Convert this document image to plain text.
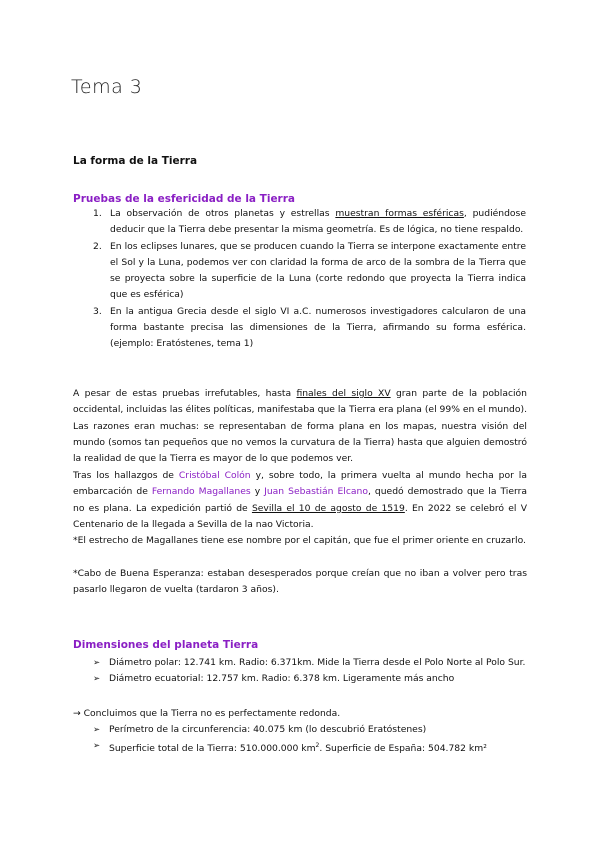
Tema 3
La forma de la Tierra
Pruebas de la esfericidad de la Tierra
1. La observación de otros planetas y estrellas muestran formas esféricas, pudiéndose deducir que la Tierra debe presentar la misma geometría. Es de lógica, no tiene respaldo.
2. En los eclipses lunares, que se producen cuando la Tierra se interpone exactamente entre el Sol y la Luna, podemos ver con claridad la forma de arco de la sombra de la Tierra que se proyecta sobre la superficie de la Luna (corte redondo que proyecta la Tierra indica que es esférica)
3. En la antigua Grecia desde el siglo VI a.C. numerosos investigadores calcularon de una forma bastante precisa las dimensiones de la Tierra, afirmando su forma esférica. (ejemplo: Eratóstenes, tema 1)

A pesar de estas pruebas irrefutables, hasta finales del siglo XV gran parte de la población occidental, incluidas las élites políticas, manifestaba que la Tierra era plana (el 99% en el mundo). Las razones eran muchas: se representaban de forma plana en los mapas, nuestra visión del mundo (somos tan pequeños que no vemos la curvatura de la Tierra) hasta que alguien demostró la realidad de que la Tierra es mayor de lo que podemos ver.

Tras los hallazgos de Cristóbal Colón y, sobre todo, la primera vuelta al mundo hecha por la embarcación de Fernando Magallanes y Juan Sebastián Elcano, quedó demostrado que la Tierra no es plana. La expedición partió de Sevilla el 10 de agosto de 1519. En 2022 se celebró el V Centenario de la llegada a Sevilla de la nao Victoria.

*El estrecho de Magallanes tiene ese nombre por el capitán, que fue el primer oriente en cruzarlo.

*Cabo de Buena Esperanza: estaban desesperados porque creían que no iban a volver pero tras pasarlo llegaron de vuelta (tardaron 3 años).

Dimensiones del planeta Tierra
➢ Diámetro polar: 12.741 km. Radio: 6.371km. Mide la Tierra desde el Polo Norte al Polo Sur.
➢ Diámetro ecuatorial: 12.757 km. Radio: 6.378 km. Ligeramente más ancho

→ Concluimos que la Tierra no es perfectamente redonda.

➢ Perímetro de la circunferencia: 40.075 km (lo descubrió Eratóstenes)
➢ Superficie total de la Tierra: 510.000.000 $km^2$. Superficie de España: 504.782 km²
